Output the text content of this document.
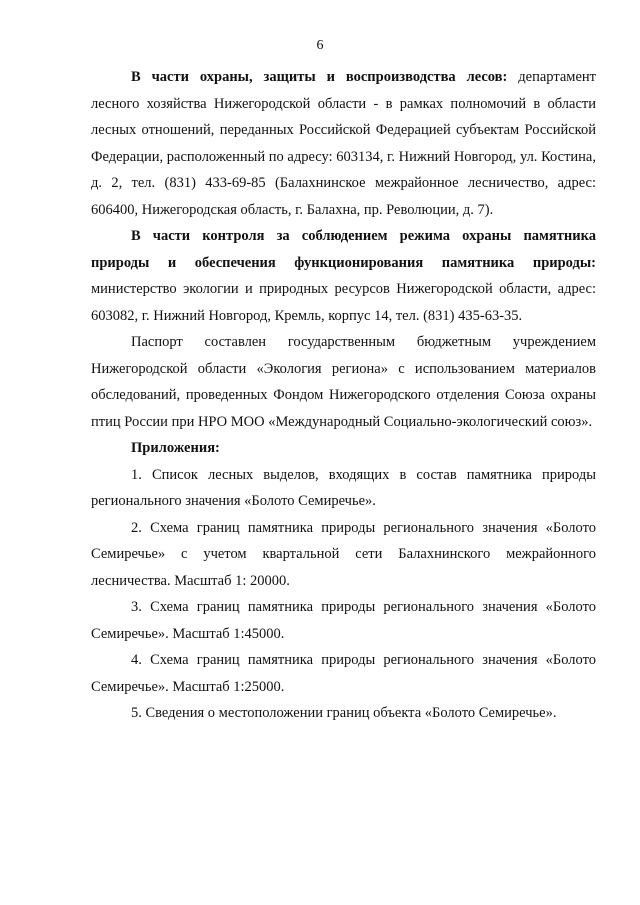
6

В части охраны, защиты и воспроизводства лесов: департамент лесного хозяйства Нижегородской области - в рамках полномочий в области лесных отношений, переданных Российской Федерацией субъектам Российской Федерации, расположенный по адресу: 603134, г. Нижний Новгород, ул. Костина, д. 2, тел. (831) 433-69-85 (Балахнинское межрайонное лесничество, адрес: 606400, Нижегородская область, г. Балахна, пр. Революции, д. 7).

В части контроля за соблюдением режима охраны памятника природы и обеспечения функционирования памятника природы: министерство экологии и природных ресурсов Нижегородской области, адрес: 603082, г. Нижний Новгород, Кремль, корпус 14, тел. (831) 435-63-35.

Паспорт составлен государственным бюджетным учреждением Нижегородской области «Экология региона» с использованием материалов обследований, проведенных Фондом Нижегородского отделения Союза охраны птиц России при НРО МОО «Международный Социально-экологический союз».

Приложения:

1. Список лесных выделов, входящих в состав памятника природы регионального значения «Болото Семиречье».

2. Схема границ памятника природы регионального значения «Болото Семиречье» с учетом квартальной сети Балахнинского межрайонного лесничества. Масштаб 1: 20000.

3. Схема границ памятника природы регионального значения «Болото Семиречье». Масштаб 1:45000.

4. Схема границ памятника природы регионального значения «Болото Семиречье». Масштаб 1:25000.

5. Сведения о местоположении границ объекта «Болото Семиречье».
